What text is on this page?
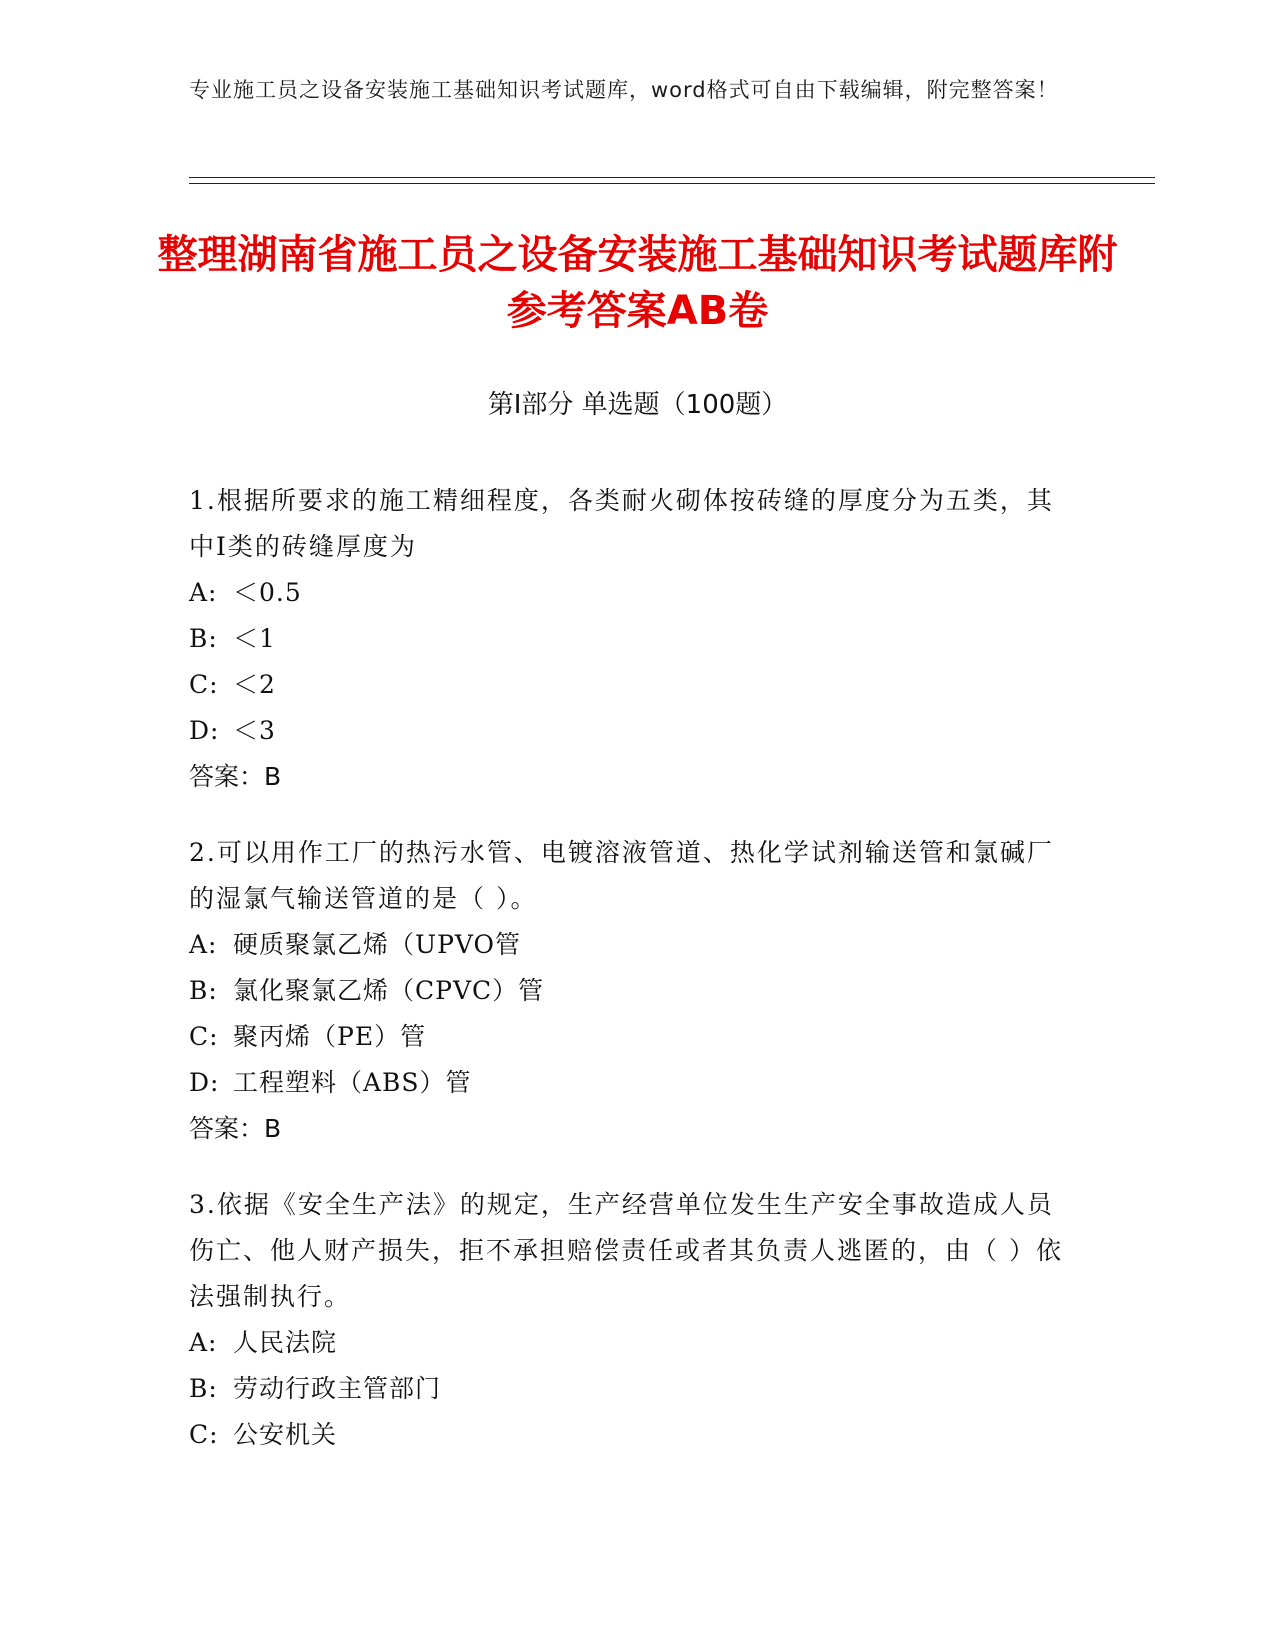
专业施工员之设备安装施工基础知识考试题库，word格式可自由下载编辑，附完整答案！
整理湖南省施工员之设备安装施工基础知识考试题库附参考答案AB卷
第Ⅰ部分 单选题（100题）

1.根据所要求的施工精细程度，各类耐火砌体按砖缝的厚度分为五类，其中Ⅰ类的砖缝厚度为

A: ＜0.5

B: ＜1

C: ＜2

D: ＜3

答案：B

2.可以用作工厂的热污水管、电镀溶液管道、热化学试剂输送管和氯碱厂的湿氯气输送管道的是（ ）。

A: 硬质聚氯乙烯（UPVO管

B: 氯化聚氯乙烯（CPVC）管

C: 聚丙烯（PE）管

D: 工程塑料（ABS）管

答案：B

3.依据《安全生产法》的规定，生产经营单位发生生产安全事故造成人员伤亡、他人财产损失，拒不承担赔偿责任或者其负责人逃匿的，由（ ）依法强制执行。

A: 人民法院

B: 劳动行政主管部门

C: 公安机关
